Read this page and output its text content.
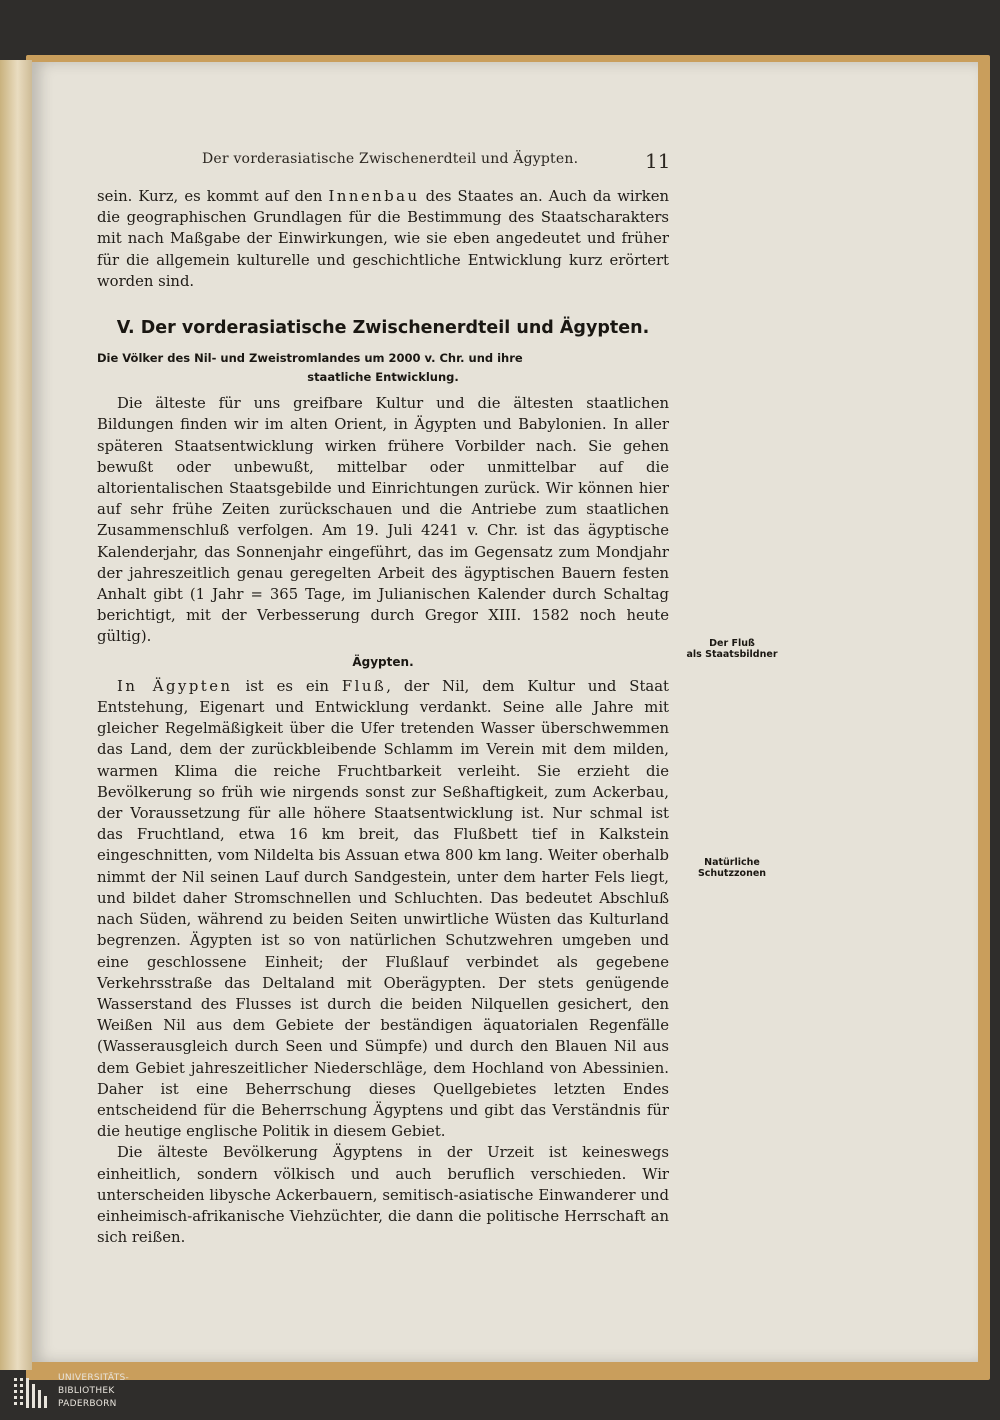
Der vorderasiatische Zwischenerdteil und Ägypten.	11

sein. Kurz, es kommt auf den Innenbau des Staates an. Auch da wirken die geographischen Grundlagen für die Bestimmung des Staatscharakters mit nach Maßgabe der Einwirkungen, wie sie eben angedeutet und früher für die allgemein kulturelle und geschichtliche Entwicklung kurz erörtert worden sind.

V. Der vorderasiatische Zwischenerdteil und Ägypten.
Die Völker des Nil- und Zweistromlandes um 2000 v. Chr. und ihre
staatliche Entwicklung.

Die älteste für uns greifbare Kultur und die ältesten staatlichen Bildungen finden wir im alten Orient, in Ägypten und Babylonien. In aller späteren Staatsentwicklung wirken frühere Vorbilder nach. Sie gehen bewußt oder unbewußt, mittelbar oder unmittelbar auf die altorientalischen Staatsgebilde und Einrichtungen zurück. Wir können hier auf sehr frühe Zeiten zurückschauen und die Antriebe zum staatlichen Zusammenschluß verfolgen. Am 19. Juli 4241 v. Chr. ist das ägyptische Kalenderjahr, das Sonnenjahr eingeführt, das im Gegensatz zum Mondjahr der jahreszeitlich genau geregelten Arbeit des ägyptischen Bauern festen Anhalt gibt (1 Jahr = 365 Tage, im Julianischen Kalender durch Schaltag berichtigt, mit der Verbesserung durch Gregor XIII. 1582 noch heute gültig).

Ägypten.

In Ägypten ist es ein Fluß, der Nil, dem Kultur und Staat Entstehung, Eigenart und Entwicklung verdankt. Seine alle Jahre mit gleicher Regelmäßigkeit über die Ufer tretenden Wasser überschwemmen das Land, dem der zurückbleibende Schlamm im Verein mit dem milden, warmen Klima die reiche Fruchtbarkeit verleiht. Sie erzieht die Bevölkerung so früh wie nirgends sonst zur Seßhaftigkeit, zum Ackerbau, der Voraussetzung für alle höhere Staatsentwicklung ist. Nur schmal ist das Fruchtland, etwa 16 km breit, das Flußbett tief in Kalkstein eingeschnitten, vom Nildelta bis Assuan etwa 800 km lang. Weiter oberhalb nimmt der Nil seinen Lauf durch Sandgestein, unter dem harter Fels liegt, und bildet daher Stromschnellen und Schluchten. Das bedeutet Abschluß nach Süden, während zu beiden Seiten unwirtliche Wüsten das Kulturland begrenzen. Ägypten ist so von natürlichen Schutzwehren umgeben und eine geschlossene Einheit; der Flußlauf verbindet als gegebene Verkehrsstraße das Deltaland mit Oberägypten. Der stets genügende Wasserstand des Flusses ist durch die beiden Nilquellen gesichert, den Weißen Nil aus dem Gebiete der beständigen äquatorialen Regenfälle (Wasserausgleich durch Seen und Sümpfe) und durch den Blauen Nil aus dem Gebiet jahreszeitlicher Niederschläge, dem Hochland von Abessinien. Daher ist eine Beherrschung dieses Quellgebietes letzten Endes entscheidend für die Beherrschung Ägyptens und gibt das Verständnis für die heutige englische Politik in diesem Gebiet.

Die älteste Bevölkerung Ägyptens in der Urzeit ist keineswegs einheitlich, sondern völkisch und auch beruflich verschieden. Wir unterscheiden libysche Ackerbauern, semitisch-asiatische Einwanderer und einheimisch-afrikanische Viehzüchter, die dann die politische Herrschaft an sich reißen.

Der Fluß
als Staatsbildner
Natürliche
Schutzzonen
UNIVERSITÄTS-
BIBLIOTHEK
PADERBORN
